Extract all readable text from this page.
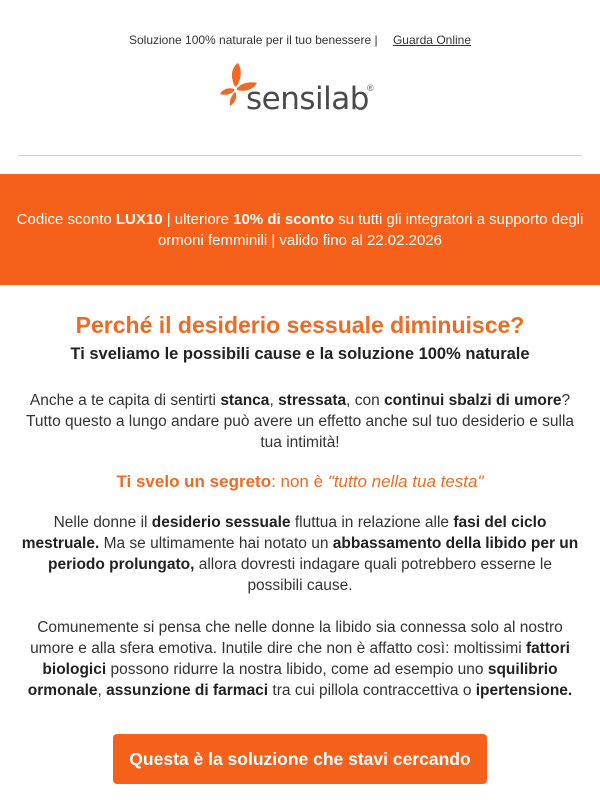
Soluzione 100% naturale per il tuo benessere | Guarda Online
sensilab
®
Codice sconto LUX10 | ulteriore 10% di sconto su tutti gli integratori a supporto degli ormoni femminili | valido fino al 22.02.2026
Perché il desiderio sessuale diminuisce?
Ti sveliamo le possibili cause e la soluzione 100% naturale

Anche a te capita di sentirti stanca, stressata, con continui sbalzi di umore? Tutto questo a lungo andare può avere un effetto anche sul tuo desiderio e sulla tua intimità!

Ti svelo un segreto: non è "tutto nella tua testa"

Nelle donne il desiderio sessuale fluttua in relazione alle fasi del ciclo mestruale. Ma se ultimamente hai notato un abbassamento della libido per un periodo prolungato, allora dovresti indagare quali potrebbero esserne le possibili cause.

Comunemente si pensa che nelle donne la libido sia connessa solo al nostro umore e alla sfera emotiva. Inutile dire che non è affatto così: moltissimi fattori biologici possono ridurre la nostra libido, come ad esempio uno squilibrio ormonale, assunzione di farmaci tra cui pillola contraccettiva o ipertensione.

Questa è la soluzione che stavi cercando
